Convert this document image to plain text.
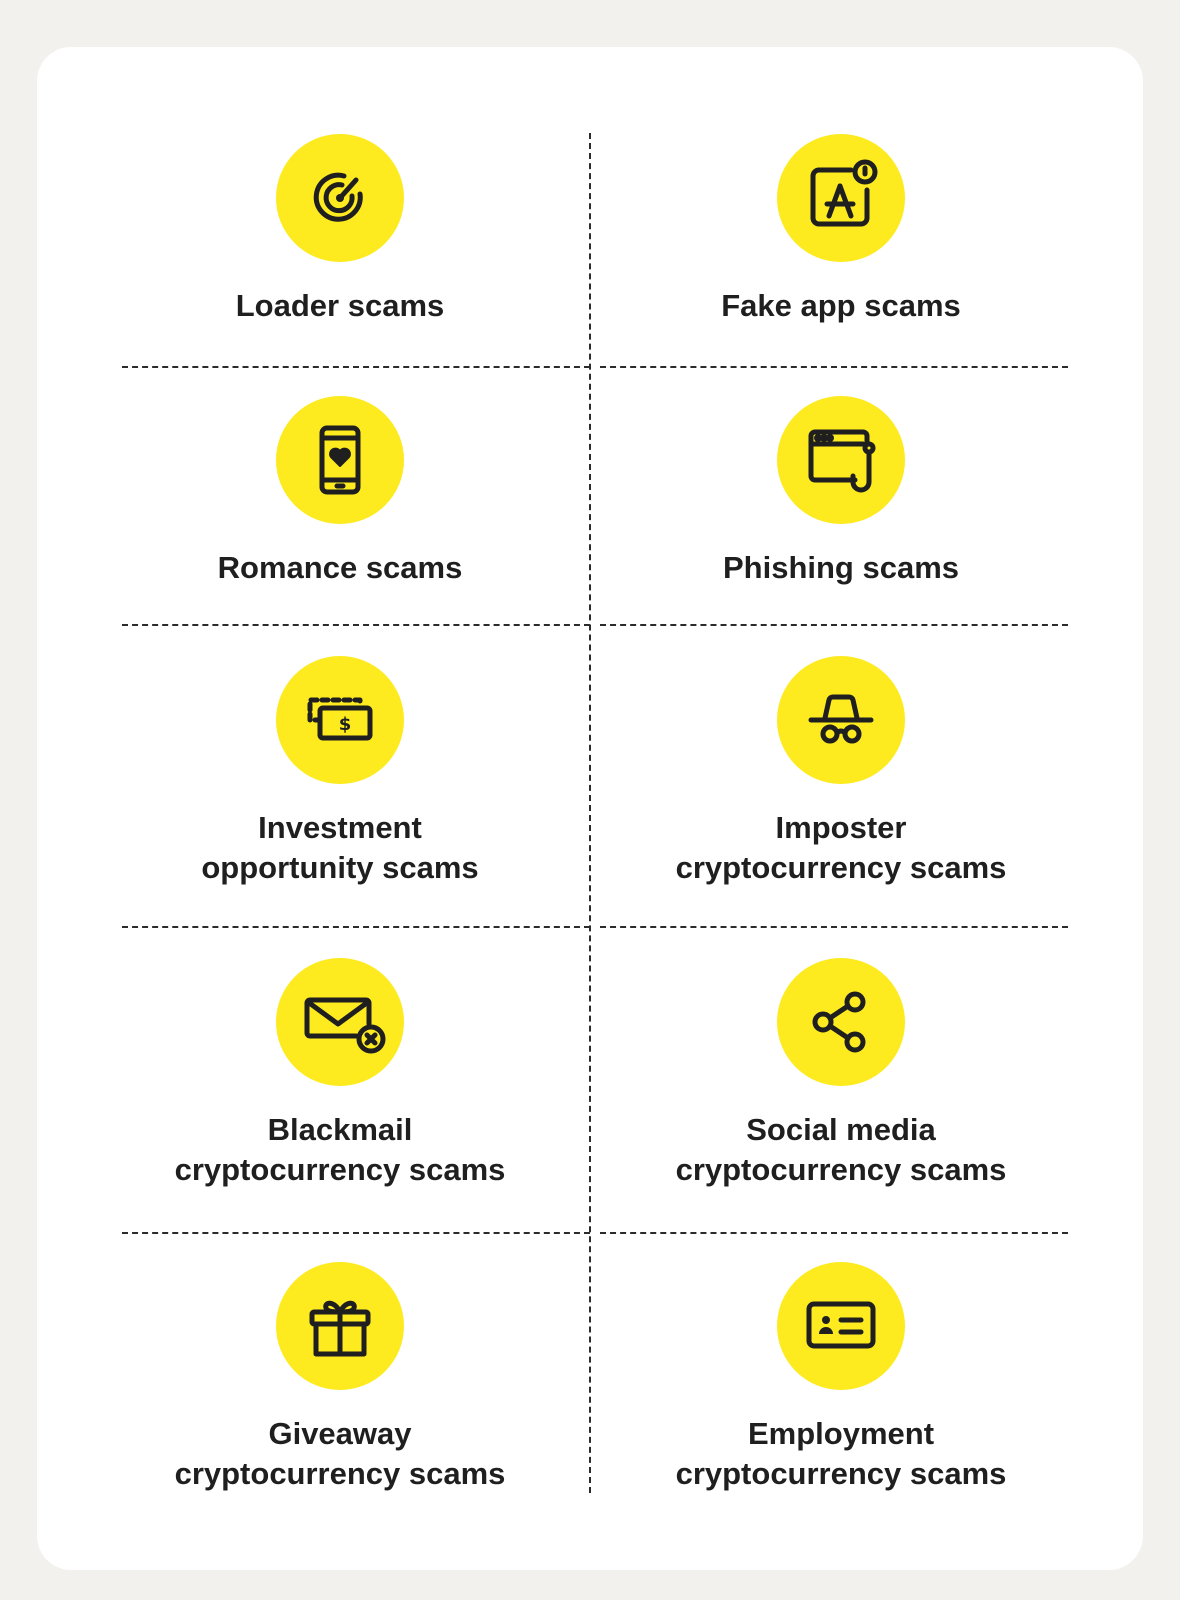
Loader scams	Fake app scams
Romance scams	Phishing scams
$
Investment
opportunity scams
Imposter
cryptocurrency scams
Blackmail
cryptocurrency scams
Social media
cryptocurrency scams
Giveaway
cryptocurrency scams
Employment
cryptocurrency scams
